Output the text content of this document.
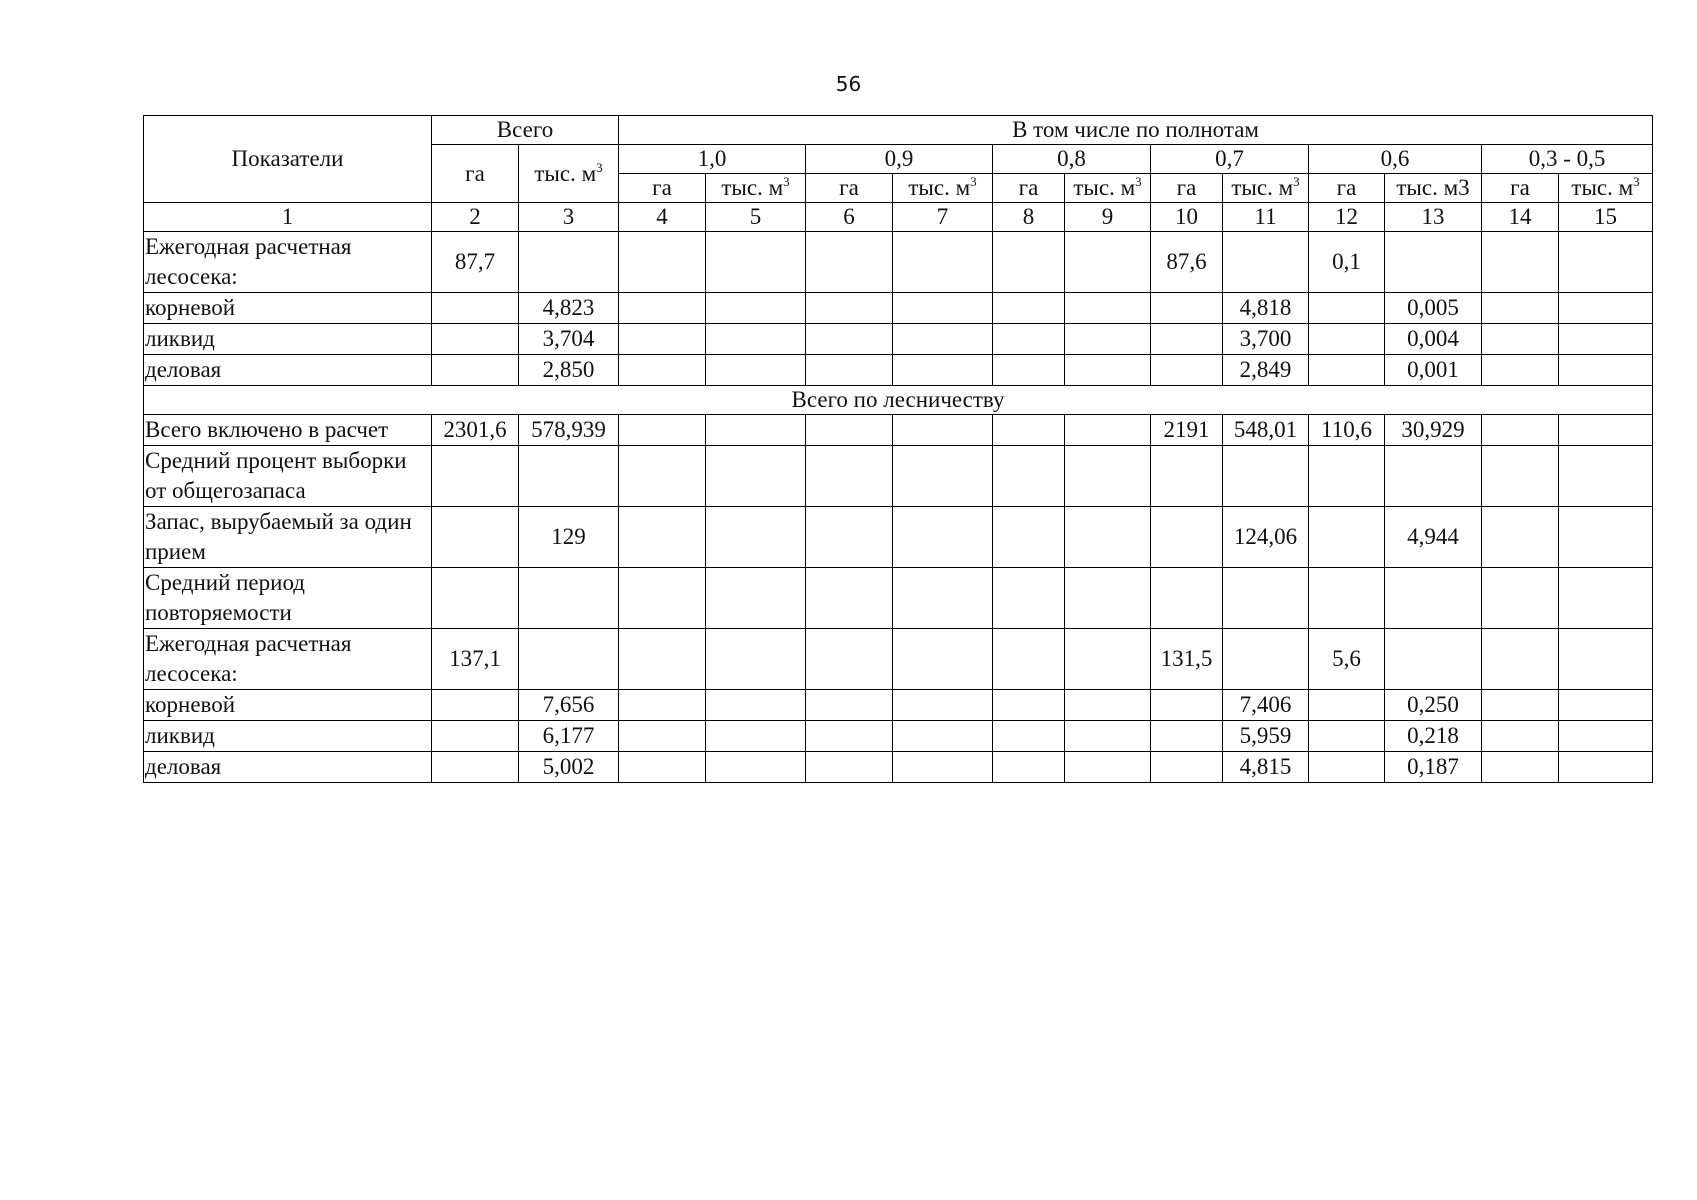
56
Показатели	Всего		В том числе по полнотам											
	га	тыс. $м^3$	1,0		0,9		0,8		0,7		0,6		0,3 - 0,5	
			га	тыс. $м^3$	га	тыс. $м^3$	га	тыс. $м^3$	га	тыс. $м^3$	га	тыс. м3	га	тыс. $м^3$
1	2	3	4	5	6	7	8	9	10	11	12	13	14	15
Ежегодная расчетная лесосека:	87,7								87,6		0,1			
корневой		4,823								4,818		0,005		
ликвид		3,704								3,700		0,004		
деловая		2,850								2,849		0,001		
Всего по лесничеству														
Всего включено в расчет	2301,6	578,939							2191	548,01	110,6	30,929		
Средний процент выборки от общегозапаса														
Запас, вырубаемый за один прием		129								124,06		4,944		
Средний период повторяемости														
Ежегодная расчетная лесосека:	137,1								131,5		5,6			
корневой		7,656								7,406		0,250		
ликвид		6,177								5,959		0,218		
деловая		5,002								4,815		0,187		
